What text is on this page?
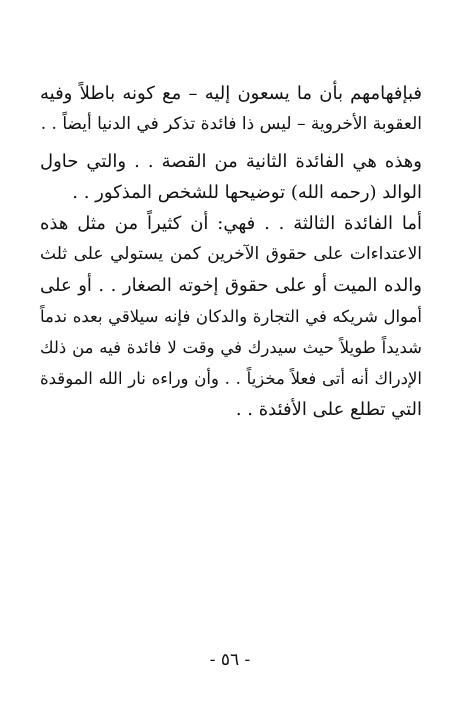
فبإفهامهم بأن ما يسعون إليه – مع كونه باطلاً وفيه
العقوبة الأخروية – ليس ذا فائدة تذكر في الدنيا أيضاً . .
وهذه هي الفائدة الثانية من القصة . . والتي حاول
الوالد (رحمه الله) توضيحها للشخص المذكور . .
أما الفائدة الثالثة . . فهي: أن كثيراً من مثل هذه
الاعتداءات على حقوق الآخرين كمن يستولي على ثلث
والده الميت أو على حقوق إخوته الصغار . . أو على
أموال شريكه في التجارة والدكان فإنه سيلاقي بعده ندماً
شديداً طويلاً حيث سيدرك في وقت لا فائدة فيه من ذلك
الإدراك أنه أتى فعلاً مخزياً . . وأن وراءه نار الله الموقدة
التي تطلع على الأفئدة . .
- ٥٦ -
